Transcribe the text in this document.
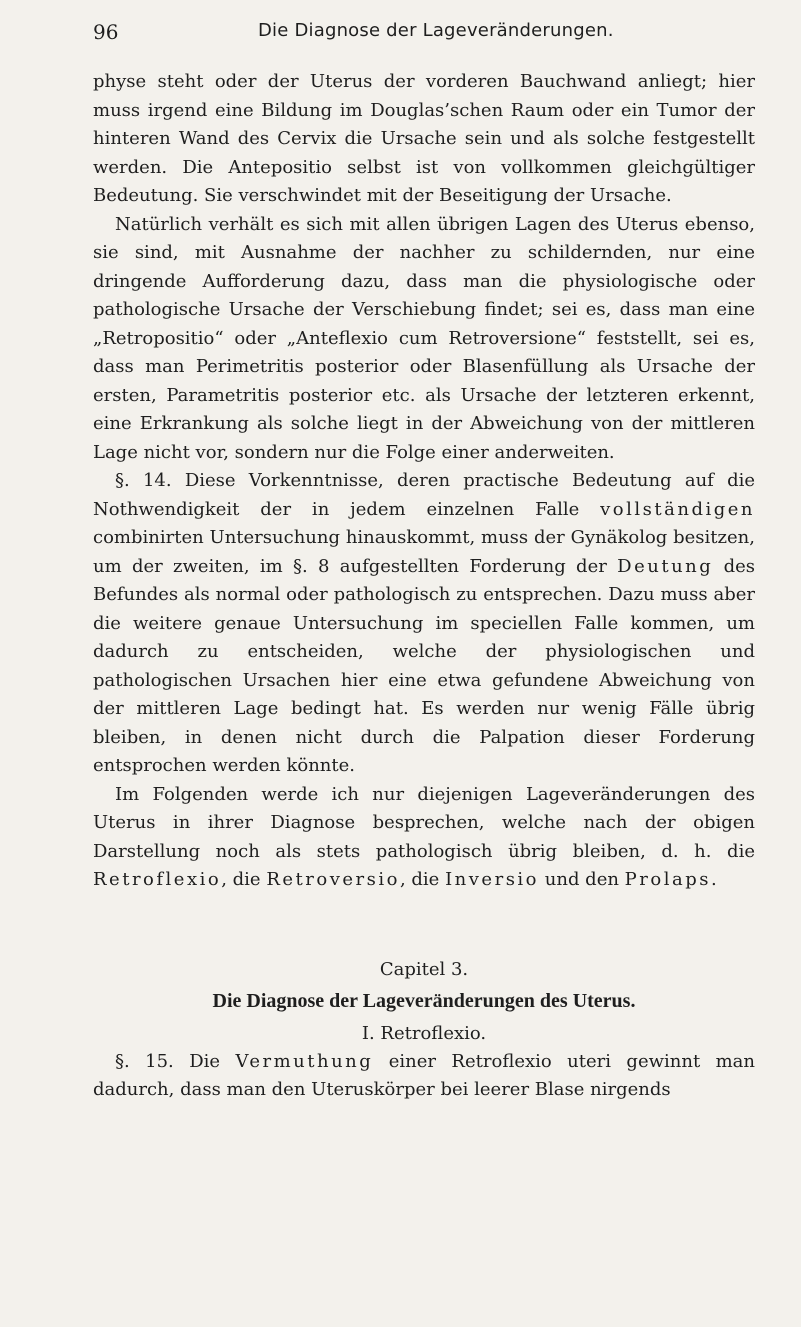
96	Die Diagnose der Lageveränderungen.

physe steht oder der Uterus der vorderen Bauchwand anliegt; hier muss irgend eine Bildung im Douglas’schen Raum oder ein Tumor der hinteren Wand des Cervix die Ursache sein und als solche festgestellt werden. Die Antepositio selbst ist von vollkommen gleichgültiger Bedeutung. Sie verschwindet mit der Beseitigung der Ursache.

Natürlich verhält es sich mit allen übrigen Lagen des Uterus ebenso, sie sind, mit Ausnahme der nachher zu schildernden, nur eine dringende Aufforderung dazu, dass man die physiologische oder pathologische Ursache der Verschiebung findet; sei es, dass man eine „Retropositio“ oder „Anteflexio cum Retroversione“ feststellt, sei es, dass man Perimetritis posterior oder Blasenfüllung als Ursache der ersten, Parametritis posterior etc. als Ursache der letzteren erkennt, eine Erkrankung als solche liegt in der Abweichung von der mittleren Lage nicht vor, sondern nur die Folge einer anderweiten.

§. 14. Diese Vorkenntnisse, deren practische Bedeutung auf die Nothwendigkeit der in jedem einzelnen Falle vollständigen combinirten Untersuchung hinauskommt, muss der Gynäkolog besitzen, um der zweiten, im §. 8 aufgestellten Forderung der Deutung des Befundes als normal oder pathologisch zu entsprechen. Dazu muss aber die weitere genaue Untersuchung im speciellen Falle kommen, um dadurch zu entscheiden, welche der physiologischen und pathologischen Ursachen hier eine etwa gefundene Abweichung von der mittleren Lage bedingt hat. Es werden nur wenig Fälle übrig bleiben, in denen nicht durch die Palpation dieser Forderung entsprochen werden könnte.

Im Folgenden werde ich nur diejenigen Lageveränderungen des Uterus in ihrer Diagnose besprechen, welche nach der obigen Darstellung noch als stets pathologisch übrig bleiben, d. h. die Retroflexio, die Retroversio, die Inversio und den Prolaps.

Capitel 3.
Die Diagnose der Lageveränderungen des Uterus.
I. Retroflexio.

§. 15. Die Vermuthung einer Retroflexio uteri gewinnt man dadurch, dass man den Uteruskörper bei leerer Blase nirgends
